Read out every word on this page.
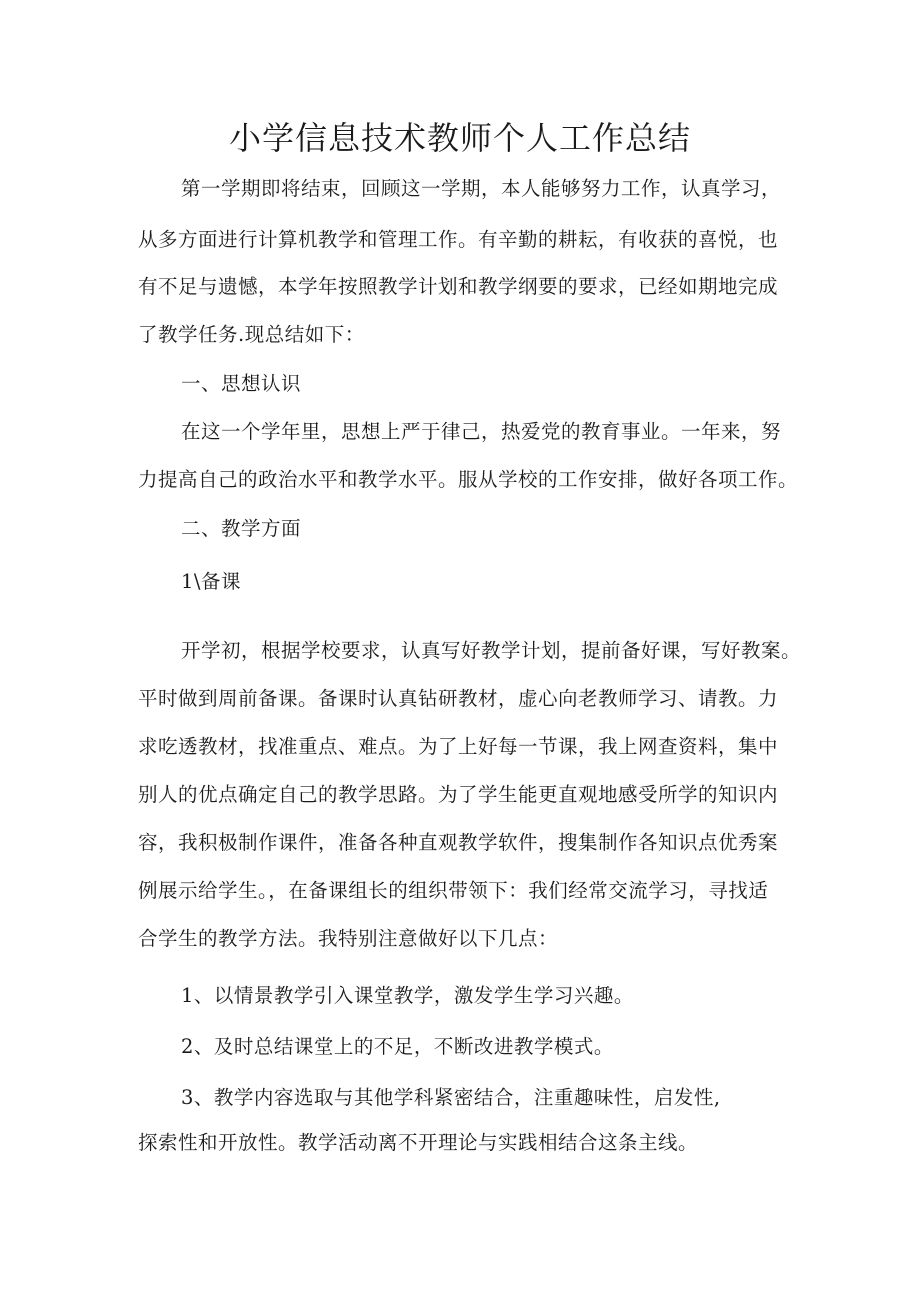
小学信息技术教师个人工作总结
第一学期即将结束，回顾这一学期，本人能够努力工作，认真学习，
从多方面进行计算机教学和管理工作。有辛勤的耕耘，有收获的喜悦，也
有不足与遗憾，本学年按照教学计划和教学纲要的要求，已经如期地完成
了教学任务.现总结如下：
一、思想认识
在这一个学年里，思想上严于律己，热爱党的教育事业。一年来，努
力提高自己的政治水平和教学水平。服从学校的工作安排，做好各项工作。
二、教学方面
1\备课
开学初，根据学校要求，认真写好教学计划，提前备好课，写好教案。
平时做到周前备课。备课时认真钻研教材，虚心向老教师学习、请教。力
求吃透教材，找准重点、难点。为了上好每一节课，我上网查资料，集中
别人的优点确定自己的教学思路。为了学生能更直观地感受所学的知识内
容，我积极制作课件，准备各种直观教学软件，搜集制作各知识点优秀案
例展示给学生。，在备课组长的组织带领下：我们经常交流学习，寻找适
合学生的教学方法。我特别注意做好以下几点：
1、以情景教学引入课堂教学，激发学生学习兴趣。
2、及时总结课堂上的不足，不断改进教学模式。
3、教学内容选取与其他学科紧密结合，注重趣味性，启发性,
探索性和开放性。教学活动离不开理论与实践相结合这条主线。
